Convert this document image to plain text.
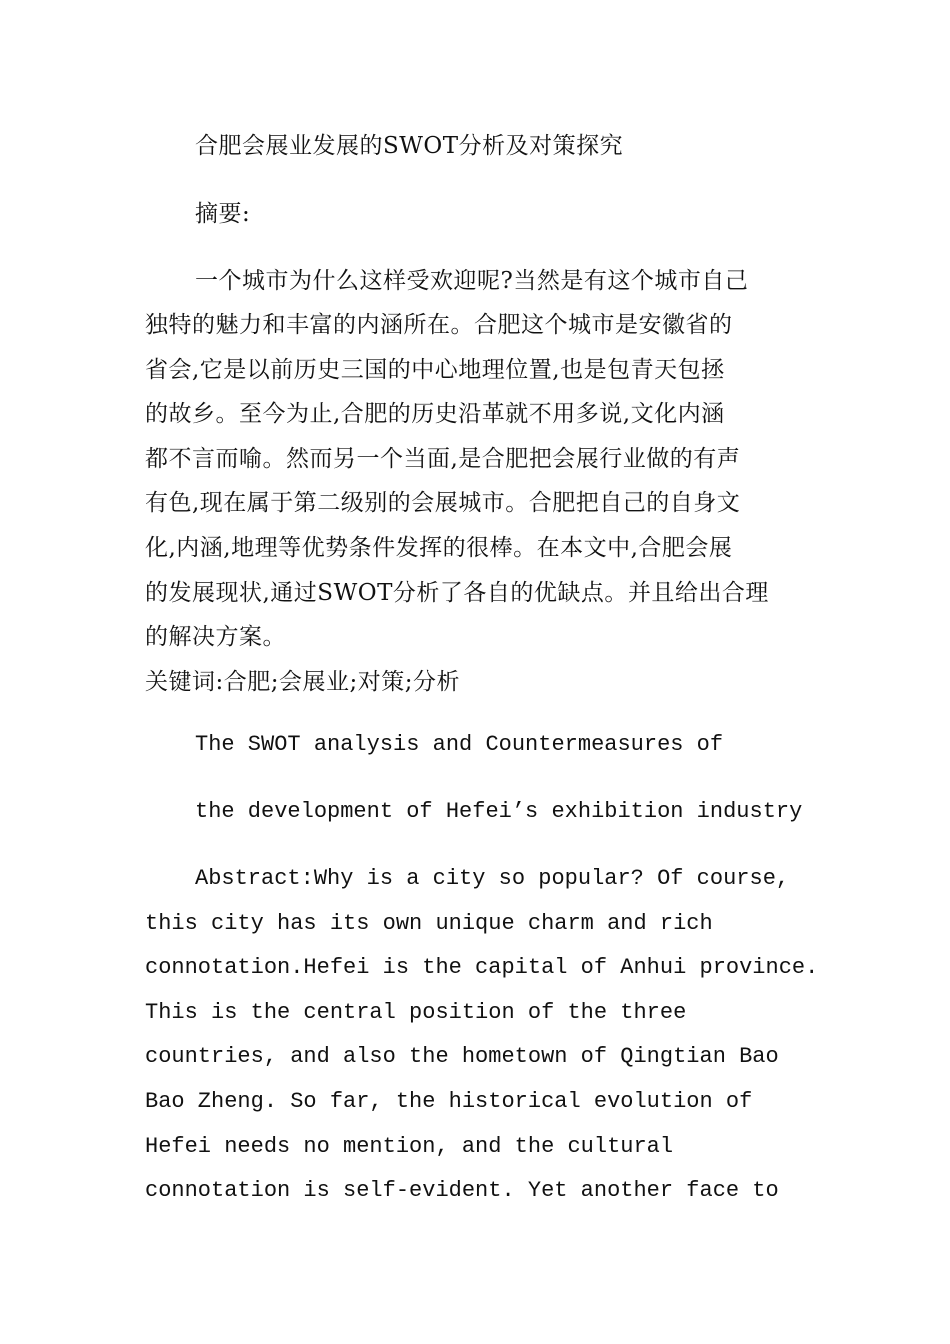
合肥会展业发展的SWOT分析及对策探究

摘要:

一个城市为什么这样受欢迎呢?当然是有这个城市自己

独特的魅力和丰富的内涵所在。合肥这个城市是安徽省的

省会,它是以前历史三国的中心地理位置,也是包青天包拯

的故乡。至今为止,合肥的历史沿革就不用多说,文化内涵

都不言而喻。然而另一个当面,是合肥把会展行业做的有声

有色,现在属于第二级别的会展城市。合肥把自己的自身文

化,内涵,地理等优势条件发挥的很棒。在本文中,合肥会展

的发展现状,通过SWOT分析了各自的优缺点。并且给出合理

的解决方案。

关键词:合肥;会展业;对策;分析

The SWOT analysis and Countermeasures of

the development of Hefei’s exhibition industry

Abstract:Why is a city so popular? Of course,

this city has its own unique charm and rich

connotation.Hefei is the capital of Anhui province.

This is the central position of the three

countries, and also the hometown of Qingtian Bao

Bao Zheng. So far, the historical evolution of

Hefei needs no mention, and the cultural

connotation is self-evident. Yet another face to
